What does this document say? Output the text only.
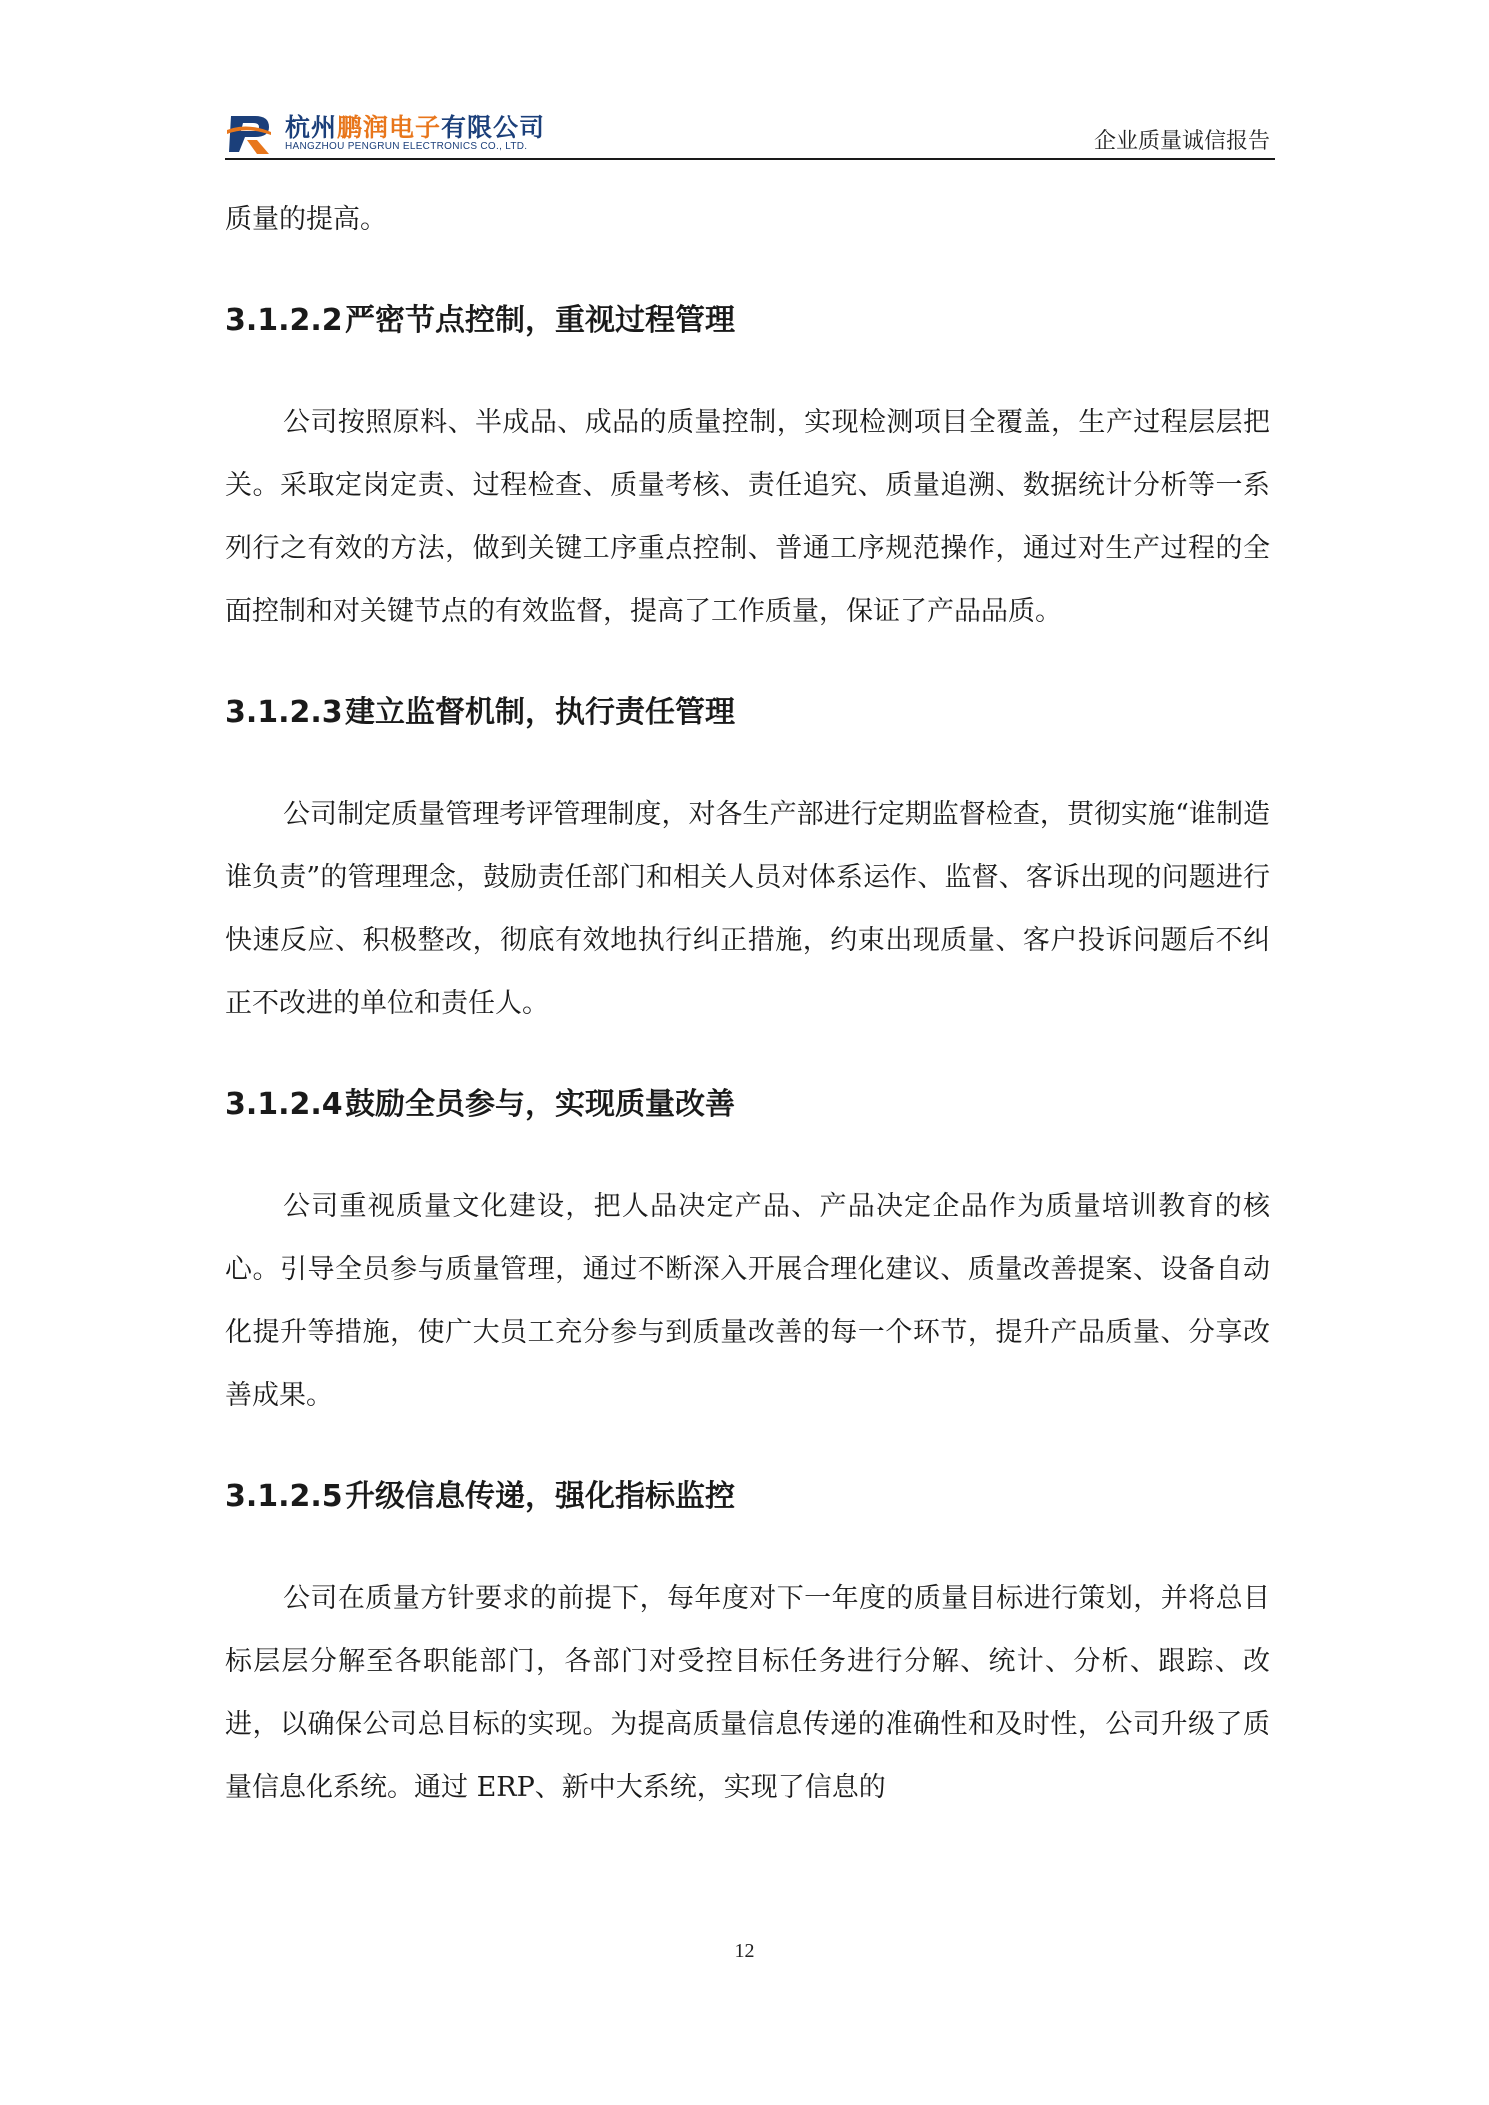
杭州鹏润电子有限公司
HANGZHOU PENGRUN ELECTRONICS CO., LTD.	企业质量诚信报告

质量的提高。

3.1.2.2严密节点控制，重视过程管理

公司按照原料、半成品、成品的质量控制，实现检测项目全覆盖，生产过程层层把关。采取定岗定责、过程检查、质量考核、责任追究、质量追溯、数据统计分析等一系列行之有效的方法，做到关键工序重点控制、普通工序规范操作，通过对生产过程的全面控制和对关键节点的有效监督，提高了工作质量，保证了产品品质。

3.1.2.3建立监督机制，执行责任管理

公司制定质量管理考评管理制度，对各生产部进行定期监督检查，贯彻实施“谁制造谁负责”的管理理念，鼓励责任部门和相关人员对体系运作、监督、客诉出现的问题进行快速反应、积极整改，彻底有效地执行纠正措施，约束出现质量、客户投诉问题后不纠正不改进的单位和责任人。

3.1.2.4鼓励全员参与，实现质量改善

公司重视质量文化建设，把人品决定产品、产品决定企品作为质量培训教育的核心。引导全员参与质量管理，通过不断深入开展合理化建议、质量改善提案、设备自动化提升等措施，使广大员工充分参与到质量改善的每一个环节，提升产品质量、分享改善成果。

3.1.2.5升级信息传递，强化指标监控

公司在质量方针要求的前提下，每年度对下一年度的质量目标进行策划，并将总目标层层分解至各职能部门，各部门对受控目标任务进行分解、统计、分析、跟踪、改进，以确保公司总目标的实现。为提高质量信息传递的准确性和及时性，公司升级了质量信息化系统。通过 ERP、新中大系统，实现了信息的

12
